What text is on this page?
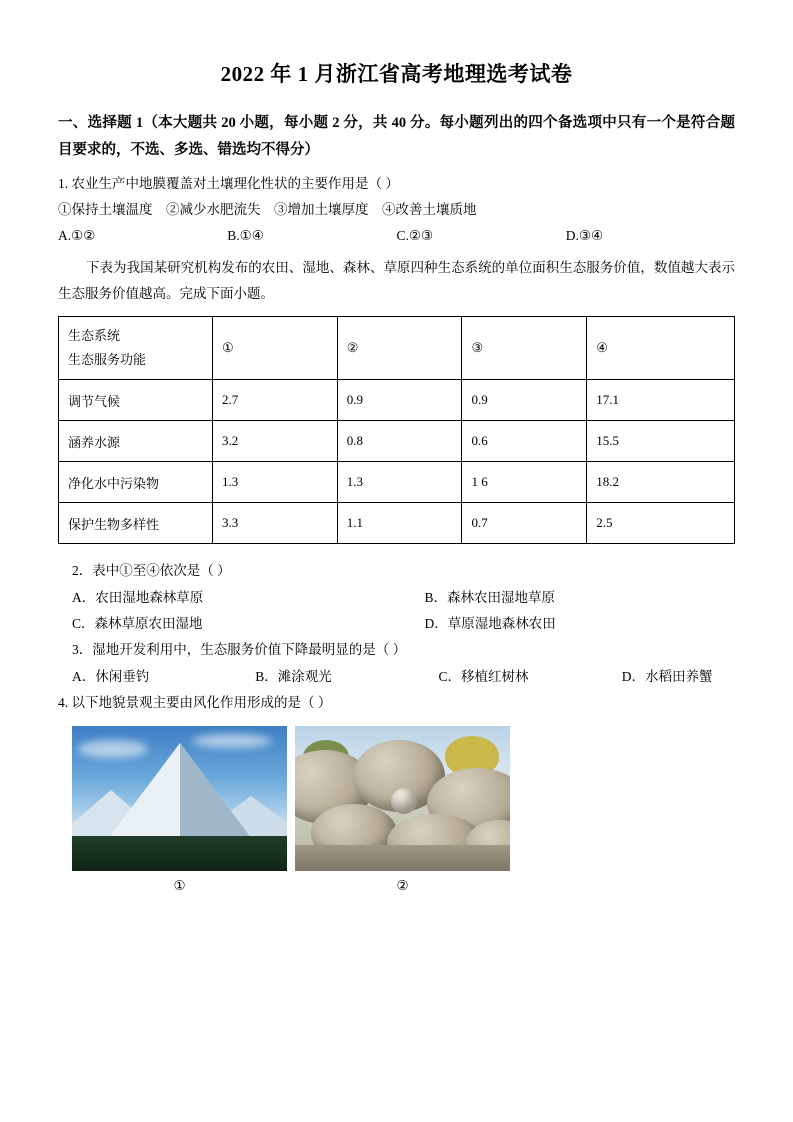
2022 年 1 月浙江省高考地理选考试卷
一、选择题 1（本大题共 20 小题，每小题 2 分，共 40 分。每小题列出的四个备选项中只有一个是符合题目要求的，不选、多选、错选均不得分）
1. 农业生产中地膜覆盖对土壤理化性状的主要作用是（ ）
①保持土壤温度　②减少水肥流失　③增加土壤厚度　④改善土壤质地
A.①②	B.①④	C.②③	D.③④
下表为我国某研究机构发布的农田、湿地、森林、草原四种生态系统的单位面积生态服务价值，数值越大表示生态服务价值越高。完成下面小题。
生态系统
生态服务功能	①	②	③	④
调节气候	2.7	0.9	0.9	17.1
涵养水源	3.2	0.8	0.6	15.5
净化水中污染物	1.3	1.3	1 6	18.2
保护生物多样性	3.3	1.1	0.7	2.5
2．表中①至④依次是（ ）
A．农田湿地森林草原	B．森林农田湿地草原
C．森林草原农田湿地	D．草原湿地森林农田
3．湿地开发利用中，生态服务价值下降最明显的是（ ）
A．休闲垂钓	B．滩涂观光	C．移植红树林	D．水稻田养蟹
4. 以下地貌景观主要由风化作用形成的是（ ）
①	②
